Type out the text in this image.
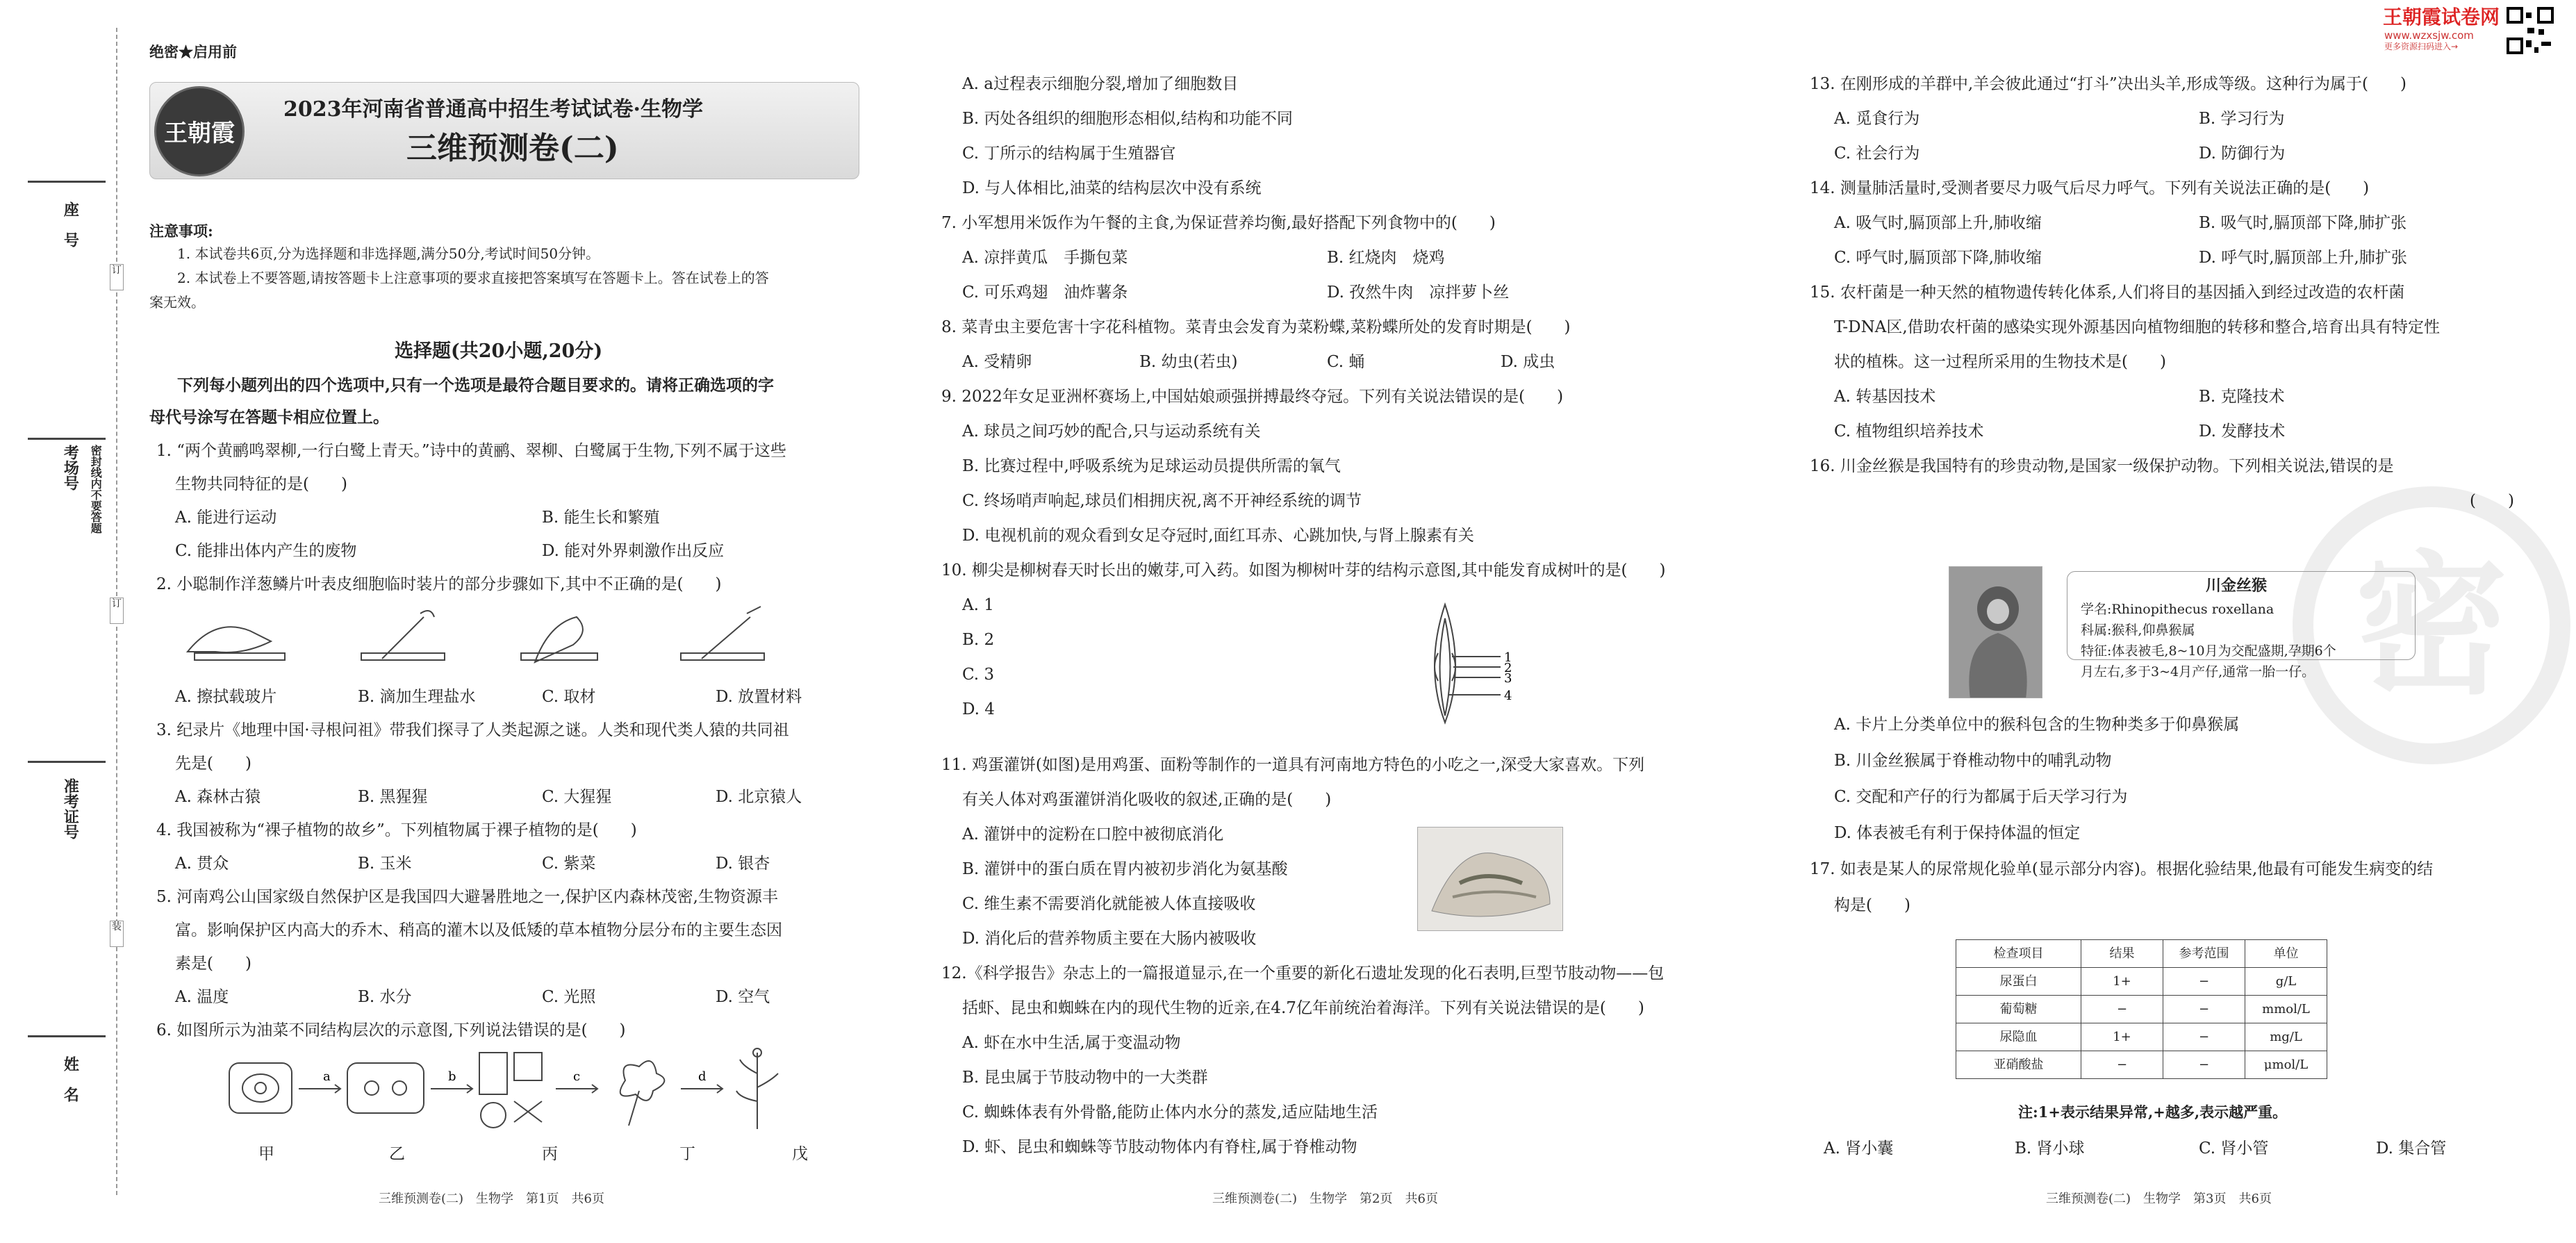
密
座　号
考场号 密封线内不要答题
准考证号
姓　名
订
订
装
绝密★启用前
王朝霞
2023年河南省普通高中招生考试试卷·生物学
三维预测卷(二)
王朝霞试卷网
www.wzxsjw.com
更多资源扫码进入→
注意事项:
1. 本试卷共6页,分为选择题和非选择题,满分50分,考试时间50分钟。
2. 本试卷上不要答题,请按答题卡上注意事项的要求直接把答案填写在答题卡上。答在试卷上的答
案无效。
选择题(共20小题,20分)
下列每小题列出的四个选项中,只有一个选项是最符合题目要求的。请将正确选项的字
母代号涂写在答题卡相应位置上。
1. “两个黄鹂鸣翠柳,一行白鹭上青天。”诗中的黄鹂、翠柳、白鹭属于生物,下列不属于这些
生物共同特征的是(　　)
A. 能进行运动	B. 能生长和繁殖
C. 能排出体内产生的废物	D. 能对外界刺激作出反应
2. 小聪制作洋葱鳞片叶表皮细胞临时装片的部分步骤如下,其中不正确的是(　　)
A. 擦拭载玻片	B. 滴加生理盐水	C. 取材	D. 放置材料
3. 纪录片《地理中国·寻根问祖》带我们探寻了人类起源之谜。人类和现代类人猿的共同祖
先是(　　)
A. 森林古猿	B. 黑猩猩	C. 大猩猩	D. 北京猿人
4. 我国被称为“裸子植物的故乡”。下列植物属于裸子植物的是(　　)
A. 贯众	B. 玉米	C. 紫菜	D. 银杏
5. 河南鸡公山国家级自然保护区是我国四大避暑胜地之一,保护区内森林茂密,生物资源丰
富。影响保护区内高大的乔木、稍高的灌木以及低矮的草本植物分层分布的主要生态因
素是(　　)
A. 温度	B. 水分	C. 光照	D. 空气
6. 如图所示为油菜不同结构层次的示意图,下列说法错误的是(　　)
a	b	c	d
甲	乙	丙	丁	戊
三维预测卷(二)　生物学　第1页　共6页
A. a过程表示细胞分裂,增加了细胞数目
B. 丙处各组织的细胞形态相似,结构和功能不同
C. 丁所示的结构属于生殖器官
D. 与人体相比,油菜的结构层次中没有系统
7. 小军想用米饭作为午餐的主食,为保证营养均衡,最好搭配下列食物中的(　　)
A. 凉拌黄瓜　手撕包菜	B. 红烧肉　烧鸡
C. 可乐鸡翅　油炸薯条	D. 孜然牛肉　凉拌萝卜丝
8. 菜青虫主要危害十字花科植物。菜青虫会发育为菜粉蝶,菜粉蝶所处的发育时期是(　　)
A. 受精卵	B. 幼虫(若虫)	C. 蛹	D. 成虫
9. 2022年女足亚洲杯赛场上,中国姑娘顽强拼搏最终夺冠。下列有关说法错误的是(　　)
A. 球员之间巧妙的配合,只与运动系统有关
B. 比赛过程中,呼吸系统为足球运动员提供所需的氧气
C. 终场哨声响起,球员们相拥庆祝,离不开神经系统的调节
D. 电视机前的观众看到女足夺冠时,面红耳赤、心跳加快,与肾上腺素有关
10. 柳尖是柳树春天时长出的嫩芽,可入药。如图为柳树叶芽的结构示意图,其中能发育成树叶的是(　　)
A. 1
B. 2
C. 3
D. 4
1
2
3
4
11. 鸡蛋灌饼(如图)是用鸡蛋、面粉等制作的一道具有河南地方特色的小吃之一,深受大家喜欢。下列
有关人体对鸡蛋灌饼消化吸收的叙述,正确的是(　　)
A. 灌饼中的淀粉在口腔中被彻底消化
B. 灌饼中的蛋白质在胃内被初步消化为氨基酸
C. 维生素不需要消化就能被人体直接吸收
D. 消化后的营养物质主要在大肠内被吸收
12.《科学报告》杂志上的一篇报道显示,在一个重要的新化石遗址发现的化石表明,巨型节肢动物——包
括虾、昆虫和蜘蛛在内的现代生物的近亲,在4.7亿年前统治着海洋。下列有关说法错误的是(　　)
A. 虾在水中生活,属于变温动物
B. 昆虫属于节肢动物中的一大类群
C. 蜘蛛体表有外骨骼,能防止体内水分的蒸发,适应陆地生活
D. 虾、昆虫和蜘蛛等节肢动物体内有脊柱,属于脊椎动物
三维预测卷(二)　生物学　第2页　共6页
13. 在刚形成的羊群中,羊会彼此通过“打斗”决出头羊,形成等级。这种行为属于(　　)
A. 觅食行为	B. 学习行为
C. 社会行为	D. 防御行为
14. 测量肺活量时,受测者要尽力吸气后尽力呼气。下列有关说法正确的是(　　)
A. 吸气时,膈顶部上升,肺收缩	B. 吸气时,膈顶部下降,肺扩张
C. 呼气时,膈顶部下降,肺收缩	D. 呼气时,膈顶部上升,肺扩张
15. 农杆菌是一种天然的植物遗传转化体系,人们将目的基因插入到经过改造的农杆菌
T-DNA区,借助农杆菌的感染实现外源基因向植物细胞的转移和整合,培育出具有特定性
状的植株。这一过程所采用的生物技术是(　　)
A. 转基因技术	B. 克隆技术
C. 植物组织培养技术	D. 发酵技术
16. 川金丝猴是我国特有的珍贵动物,是国家一级保护动物。下列相关说法,错误的是
(　　)
川金丝猴
学名:Rhinopithecus roxellana
科属:猴科,仰鼻猴属
特征:体表被毛,8~10月为交配盛期,孕期6个
月左右,多于3~4月产仔,通常一胎一仔。
A. 卡片上分类单位中的猴科包含的生物种类多于仰鼻猴属
B. 川金丝猴属于脊椎动物中的哺乳动物
C. 交配和产仔的行为都属于后天学习行为
D. 体表被毛有利于保持体温的恒定
17. 如表是某人的尿常规化验单(显示部分内容)。根据化验结果,他最有可能发生病变的结
构是(　　)
检查项目	结果	参考范围	单位
尿蛋白	1+	−	g/L
葡萄糖	−	−	mmol/L
尿隐血	1+	−	mg/L
亚硝酸盐	−	−	μmol/L
注:1+表示结果异常,+越多,表示越严重。
A. 肾小囊	B. 肾小球	C. 肾小管	D. 集合管
三维预测卷(二)　生物学　第3页　共6页
